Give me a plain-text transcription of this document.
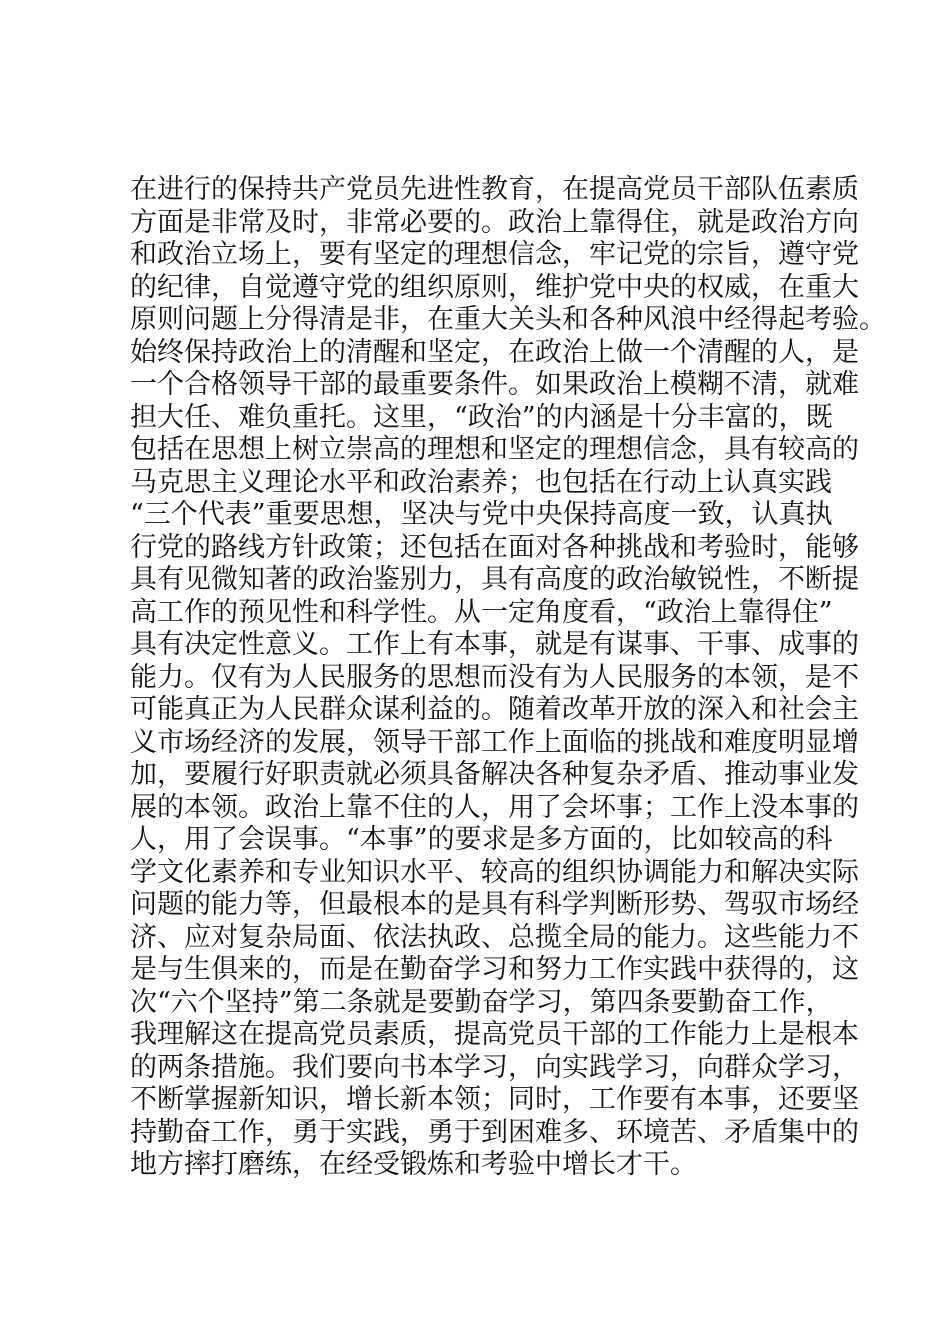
在进行的保持共产党员先进性教育，在提高党员干部队伍素质
方面是非常及时，非常必要的。政治上靠得住，就是政治方向
和政治立场上，要有坚定的理想信念，牢记党的宗旨，遵守党
的纪律，自觉遵守党的组织原则，维护党中央的权威，在重大
原则问题上分得清是非，在重大关头和各种风浪中经得起考验。
始终保持政治上的清醒和坚定，在政治上做一个清醒的人，是
一个合格领导干部的最重要条件。如果政治上模糊不清，就难
担大任、难负重托。这里，“政治”的内涵是十分丰富的，既
包括在思想上树立崇高的理想和坚定的理想信念，具有较高的
马克思主义理论水平和政治素养；也包括在行动上认真实践
“三个代表”重要思想，坚决与党中央保持高度一致，认真执
行党的路线方针政策；还包括在面对各种挑战和考验时，能够
具有见微知著的政治鉴别力，具有高度的政治敏锐性，不断提
高工作的预见性和科学性。从一定角度看，“政治上靠得住”
具有决定性意义。工作上有本事，就是有谋事、干事、成事的
能力。仅有为人民服务的思想而没有为人民服务的本领，是不
可能真正为人民群众谋利益的。随着改革开放的深入和社会主
义市场经济的发展，领导干部工作上面临的挑战和难度明显增
加，要履行好职责就必须具备解决各种复杂矛盾、推动事业发
展的本领。政治上靠不住的人，用了会坏事；工作上没本事的
人，用了会误事。“本事”的要求是多方面的，比如较高的科
学文化素养和专业知识水平、较高的组织协调能力和解决实际
问题的能力等，但最根本的是具有科学判断形势、驾驭市场经
济、应对复杂局面、依法执政、总揽全局的能力。这些能力不
是与生俱来的，而是在勤奋学习和努力工作实践中获得的，这
次“六个坚持”第二条就是要勤奋学习，第四条要勤奋工作，
我理解这在提高党员素质，提高党员干部的工作能力上是根本
的两条措施。我们要向书本学习，向实践学习，向群众学习，
不断掌握新知识，增长新本领；同时，工作要有本事，还要坚
持勤奋工作，勇于实践，勇于到困难多、环境苦、矛盾集中的
地方摔打磨练，在经受锻炼和考验中增长才干。
